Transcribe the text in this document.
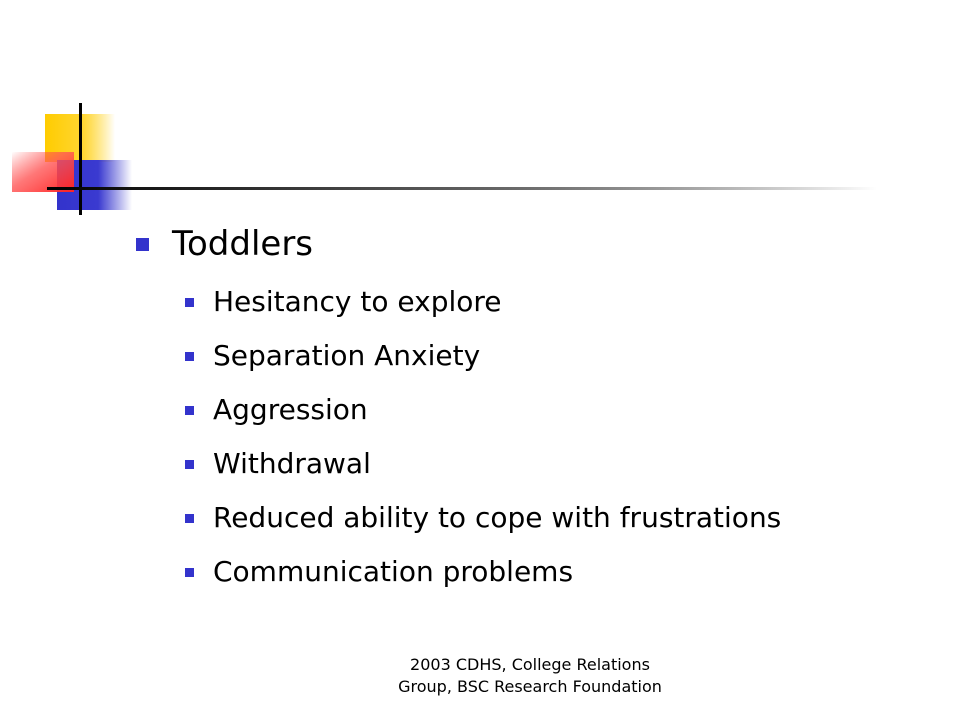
Toddlers
Hesitancy to explore
Separation Anxiety
Aggression
Withdrawal
Reduced ability to cope with frustrations
Communication problems
2003 CDHS, College Relations
Group, BSC Research Foundation
